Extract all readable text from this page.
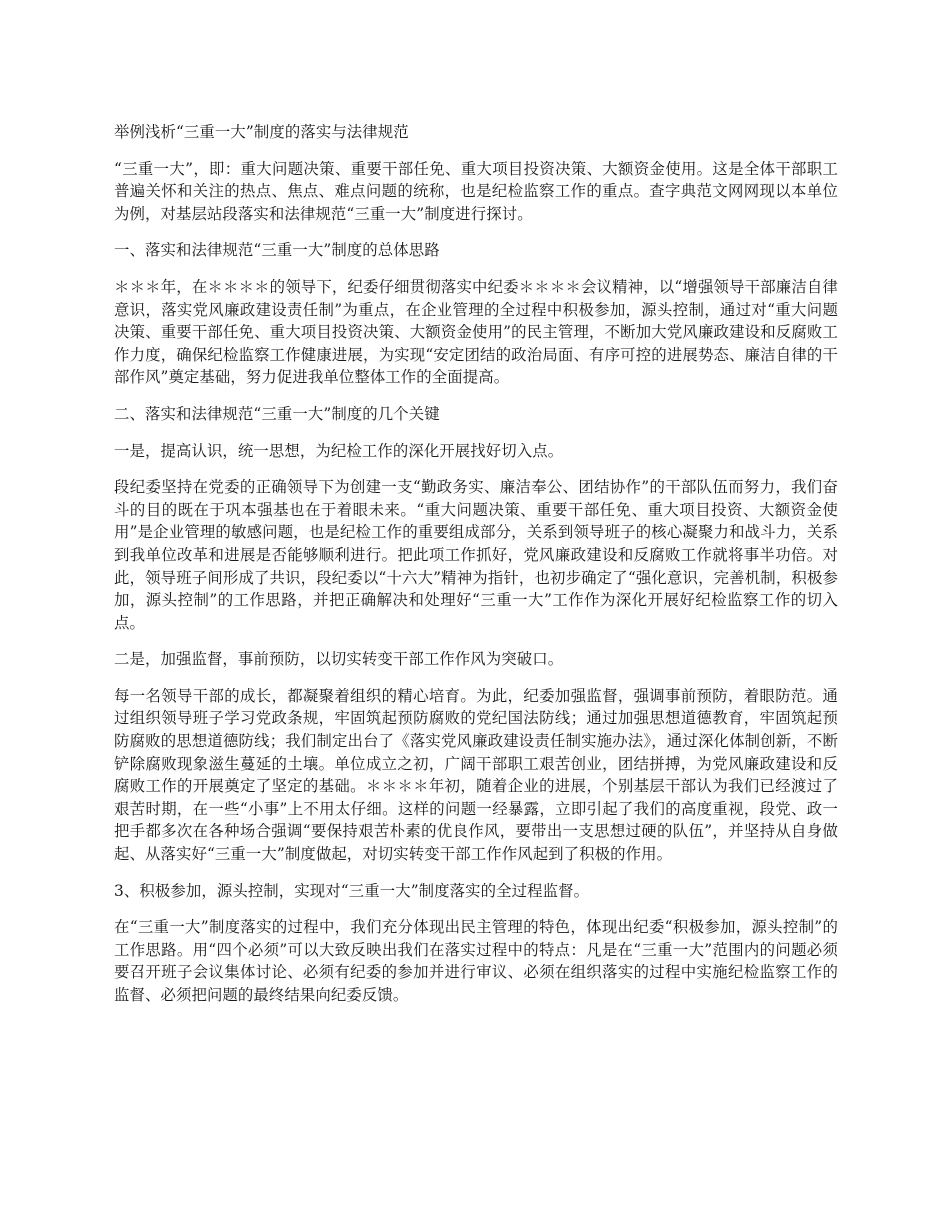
举例浅析“三重一大”制度的落实与法律规范

“三重一大”，即：重大问题决策、重要干部任免、重大项目投资决策、大额资金使用。这是全体干部职工普遍关怀和关注的热点、焦点、难点问题的统称，也是纪检监察工作的重点。查字典范文网网现以本单位为例，对基层站段落实和法律规范“三重一大”制度进行探讨。

一、落实和法律规范“三重一大”制度的总体思路

＊＊＊年，在＊＊＊＊的领导下，纪委仔细贯彻落实中纪委＊＊＊＊会议精神，以“增强领导干部廉洁自律意识，落实党风廉政建设责任制”为重点，在企业管理的全过程中积极参加，源头控制，通过对“重大问题决策、重要干部任免、重大项目投资决策、大额资金使用”的民主管理，不断加大党风廉政建设和反腐败工作力度，确保纪检监察工作健康进展，为实现“安定团结的政治局面、有序可控的进展势态、廉洁自律的干部作风”奠定基础，努力促进我单位整体工作的全面提高。

二、落实和法律规范“三重一大”制度的几个关键

一是，提高认识，统一思想，为纪检工作的深化开展找好切入点。

段纪委坚持在党委的正确领导下为创建一支“勤政务实、廉洁奉公、团结协作”的干部队伍而努力，我们奋斗的目的既在于巩本强基也在于着眼未来。“重大问题决策、重要干部任免、重大项目投资、大额资金使用”是企业管理的敏感问题，也是纪检工作的重要组成部分，关系到领导班子的核心凝聚力和战斗力，关系到我单位改革和进展是否能够顺利进行。把此项工作抓好，党风廉政建设和反腐败工作就将事半功倍。对此，领导班子间形成了共识，段纪委以“十六大”精神为指针，也初步确定了“强化意识，完善机制，积极参加，源头控制”的工作思路，并把正确解决和处理好“三重一大”工作作为深化开展好纪检监察工作的切入点。

二是，加强监督，事前预防，以切实转变干部工作作风为突破口。

每一名领导干部的成长，都凝聚着组织的精心培育。为此，纪委加强监督，强调事前预防，着眼防范。通过组织领导班子学习党政条规，牢固筑起预防腐败的党纪国法防线；通过加强思想道德教育，牢固筑起预防腐败的思想道德防线；我们制定出台了《落实党风廉政建设责任制实施办法》，通过深化体制创新，不断铲除腐败现象滋生蔓延的土壤。单位成立之初，广阔干部职工艰苦创业，团结拼搏，为党风廉政建设和反腐败工作的开展奠定了坚定的基础。＊＊＊＊年初，随着企业的进展，个别基层干部认为我们已经渡过了艰苦时期，在一些“小事”上不用太仔细。这样的问题一经暴露，立即引起了我们的高度重视，段党、政一把手都多次在各种场合强调“要保持艰苦朴素的优良作风，要带出一支思想过硬的队伍”，并坚持从自身做起、从落实好“三重一大”制度做起，对切实转变干部工作作风起到了积极的作用。

3、积极参加，源头控制，实现对“三重一大”制度落实的全过程监督。

在“三重一大”制度落实的过程中，我们充分体现出民主管理的特色，体现出纪委“积极参加，源头控制”的工作思路。用“四个必须”可以大致反映出我们在落实过程中的特点：凡是在“三重一大”范围内的问题必须要召开班子会议集体讨论、必须有纪委的参加并进行审议、必须在组织落实的过程中实施纪检监察工作的监督、必须把问题的最终结果向纪委反馈。
